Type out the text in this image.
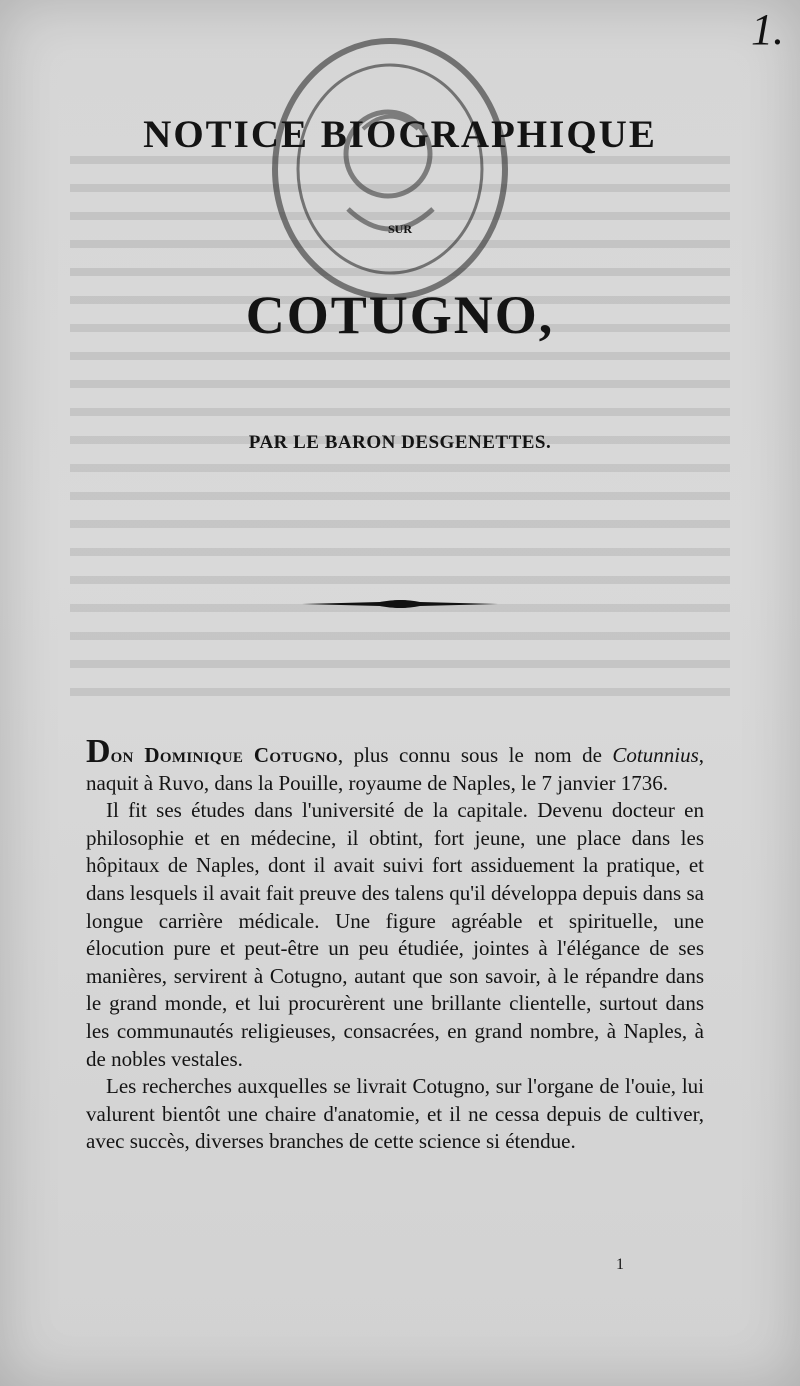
1.
NOTICE BIOGRAPHIQUE
SUR
COTUGNO,
PAR LE BARON DESGENETTES.

Don Dominique Cotugno, plus connu sous le nom de Cotunnius, naquit à Ruvo, dans la Pouille, royaume de Naples, le 7 janvier 1736.

Il fit ses études dans l'université de la capitale. Devenu docteur en philosophie et en médecine, il obtint, fort jeune, une place dans les hôpitaux de Naples, dont il avait suivi fort assiduement la pratique, et dans lesquels il avait fait preuve des talens qu'il développa depuis dans sa longue carrière médicale. Une figure agréable et spirituelle, une élocution pure et peut-être un peu étudiée, jointes à l'élégance de ses manières, servirent à Cotugno, autant que son savoir, à le répandre dans le grand monde, et lui procurèrent une brillante clientelle, surtout dans les communautés religieuses, consacrées, en grand nombre, à Naples, à de nobles vestales.

Les recherches auxquelles se livrait Cotugno, sur l'organe de l'ouie, lui valurent bientôt une chaire d'anatomie, et il ne cessa depuis de cultiver, avec succès, diverses branches de cette science si étendue.

1
